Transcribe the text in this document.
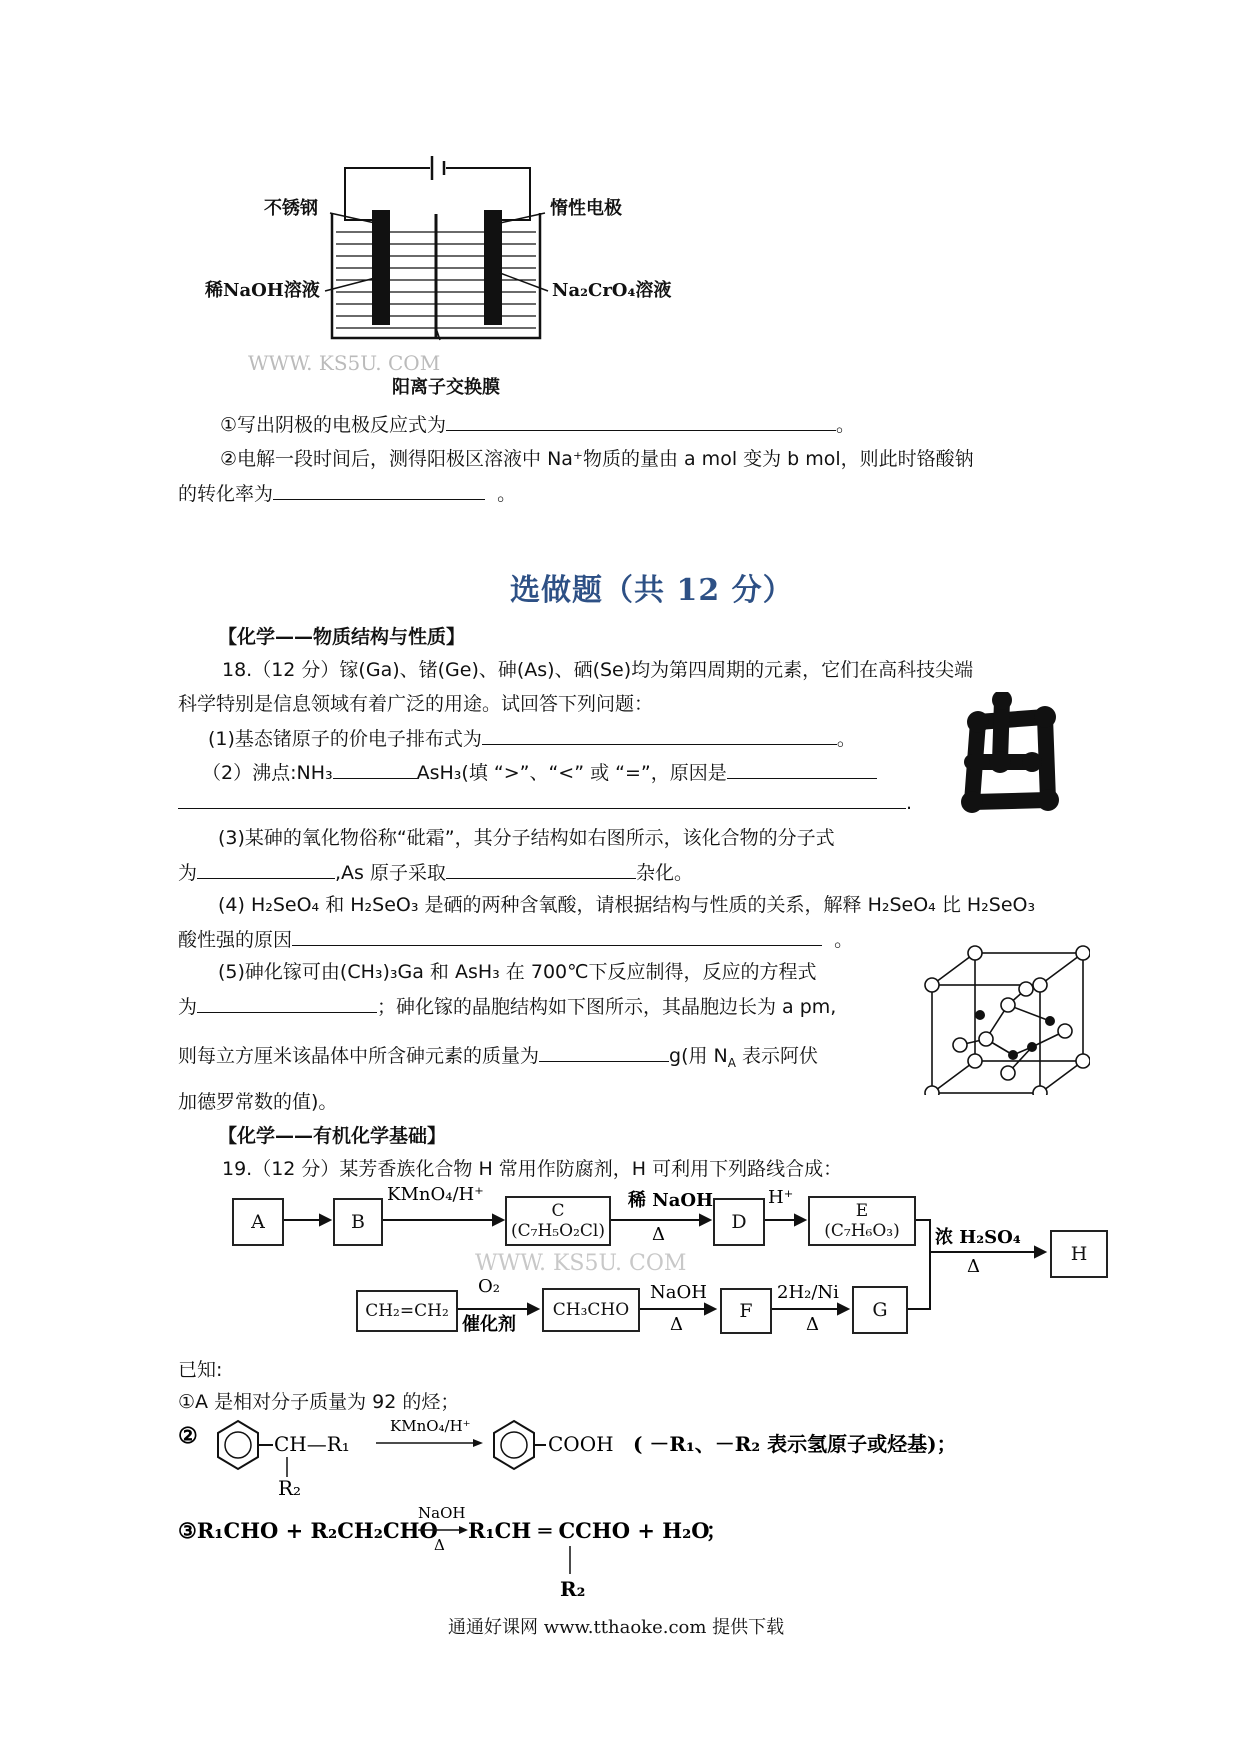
不锈钢	惰性电极
稀NaOH溶液	Na₂CrO₄溶液
阳离子交换膜
WWW. KS5U. COM
①写出阴极的电极反应式为	。
②电解一段时间后，测得阳极区溶液中 Na⁺物质的量由 a mol 变为 b mol，则此时铬酸钠
的转化率为	。
选做题（共 12 分）
【化学——物质结构与性质】
18.（12 分）镓(Ga)、锗(Ge)、砷(As)、硒(Se)均为第四周期的元素，它们在高科技尖端
科学特别是信息领域有着广泛的用途。试回答下列问题：
(1)基态锗原子的价电子排布式为	。
（2）沸点:NH₃	AsH₃(填 “>”、“<” 或 “=”，原因是
.
(3)某砷的氧化物俗称“砒霜”，其分子结构如右图所示，该化合物的分子式
为	,As 原子采取	杂化。
(4) H₂SeO₄ 和 H₂SeO₃ 是硒的两种含氧酸，请根据结构与性质的关系，解释 H₂SeO₄ 比 H₂SeO₃
酸性强的原因	。
(5)砷化镓可由(CH₃)₃Ga 和 AsH₃ 在 700℃下反应制得，反应的方程式
为	；砷化镓的晶胞结构如下图所示，其晶胞边长为 a pm,
则每立方厘米该晶体中所含砷元素的质量为	g(用 $N_A$ 表示阿伏
加德罗常数的值)。
【化学——有机化学基础】
19.（12 分）某芳香族化合物 H 常用作防腐剂，H 可利用下列路线合成：
KMnO₄/H⁺	稀 NaOH
Δ
H⁺
浓 H₂SO₄
Δ
O₂
催化剂
NaOH
Δ
2H₂/Ni
Δ
WWW. KS5U. COM
A	B	C
(C₇H₅O₂Cl)	D	E
(C₇H₆O₃)
H
CH₂=CH₂	CH₃CHO	F	G
已知:
①A 是相对分子质量为 92 的烃；
②	CH—R₁
R₂
KMnO₄/H⁺
COOH ( －R₁、－R₂ 表示氢原子或烃基)；
③R₁CHO + R₂CH₂CHO
NaOH
Δ
R₁CH ═ CCHO + H₂O
R₂
；
通通好课网 www.tthaoke.com 提供下载
